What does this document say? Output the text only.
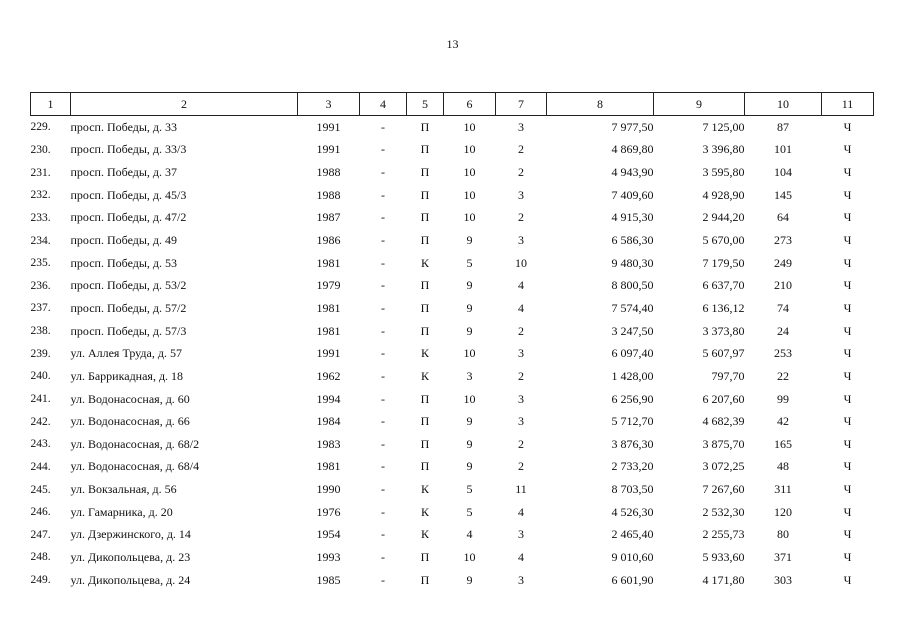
13
1	2	3	4	5	6	7	8	9	10	11
229.	просп. Победы, д. 33	1991	-	П	10	3	7 977,50	7 125,00	87	Ч
230.	просп. Победы, д. 33/3	1991	-	П	10	2	4 869,80	3 396,80	101	Ч
231.	просп. Победы, д. 37	1988	-	П	10	2	4 943,90	3 595,80	104	Ч
232.	просп. Победы, д. 45/3	1988	-	П	10	3	7 409,60	4 928,90	145	Ч
233.	просп. Победы, д. 47/2	1987	-	П	10	2	4 915,30	2 944,20	64	Ч
234.	просп. Победы, д. 49	1986	-	П	9	3	6 586,30	5 670,00	273	Ч
235.	просп. Победы, д. 53	1981	-	К	5	10	9 480,30	7 179,50	249	Ч
236.	просп. Победы, д. 53/2	1979	-	П	9	4	8 800,50	6 637,70	210	Ч
237.	просп. Победы, д. 57/2	1981	-	П	9	4	7 574,40	6 136,12	74	Ч
238.	просп. Победы, д. 57/3	1981	-	П	9	2	3 247,50	3 373,80	24	Ч
239.	ул. Аллея Труда, д. 57	1991	-	К	10	3	6 097,40	5 607,97	253	Ч
240.	ул. Баррикадная, д. 18	1962	-	К	3	2	1 428,00	797,70	22	Ч
241.	ул. Водонасосная, д. 60	1994	-	П	10	3	6 256,90	6 207,60	99	Ч
242.	ул. Водонасосная, д. 66	1984	-	П	9	3	5 712,70	4 682,39	42	Ч
243.	ул. Водонасосная, д. 68/2	1983	-	П	9	2	3 876,30	3 875,70	165	Ч
244.	ул. Водонасосная, д. 68/4	1981	-	П	9	2	2 733,20	3 072,25	48	Ч
245.	ул. Вокзальная, д. 56	1990	-	К	5	11	8 703,50	7 267,60	311	Ч
246.	ул. Гамарника, д. 20	1976	-	К	5	4	4 526,30	2 532,30	120	Ч
247.	ул. Дзержинского, д. 14	1954	-	К	4	3	2 465,40	2 255,73	80	Ч
248.	ул. Дикопольцева, д. 23	1993	-	П	10	4	9 010,60	5 933,60	371	Ч
249.	ул. Дикопольцева, д. 24	1985	-	П	9	3	6 601,90	4 171,80	303	Ч
